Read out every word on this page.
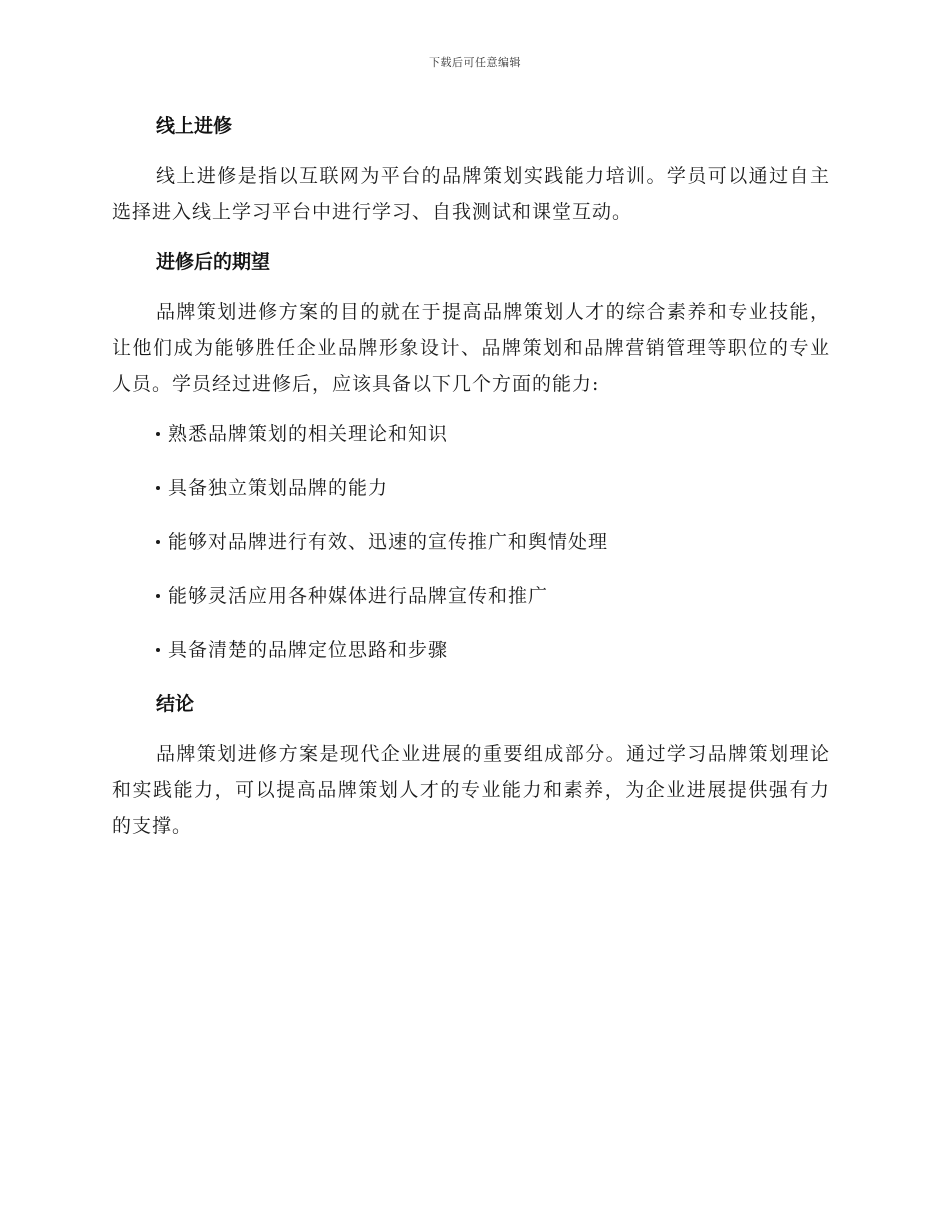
下载后可任意编辑
线上进修

线上进修是指以互联网为平台的品牌策划实践能力培训。学员可以通过自主选择进入线上学习平台中进行学习、自我测试和课堂互动。

进修后的期望

品牌策划进修方案的目的就在于提高品牌策划人才的综合素养和专业技能，让他们成为能够胜任企业品牌形象设计、品牌策划和品牌营销管理等职位的专业人员。学员经过进修后，应该具备以下几个方面的能力:

熟悉品牌策划的相关理论和知识
具备独立策划品牌的能力
能够对品牌进行有效、迅速的宣传推广和舆情处理
能够灵活应用各种媒体进行品牌宣传和推广
具备清楚的品牌定位思路和步骤
结论

品牌策划进修方案是现代企业进展的重要组成部分。通过学习品牌策划理论和实践能力，可以提高品牌策划人才的专业能力和素养，为企业进展提供强有力的支撑。
